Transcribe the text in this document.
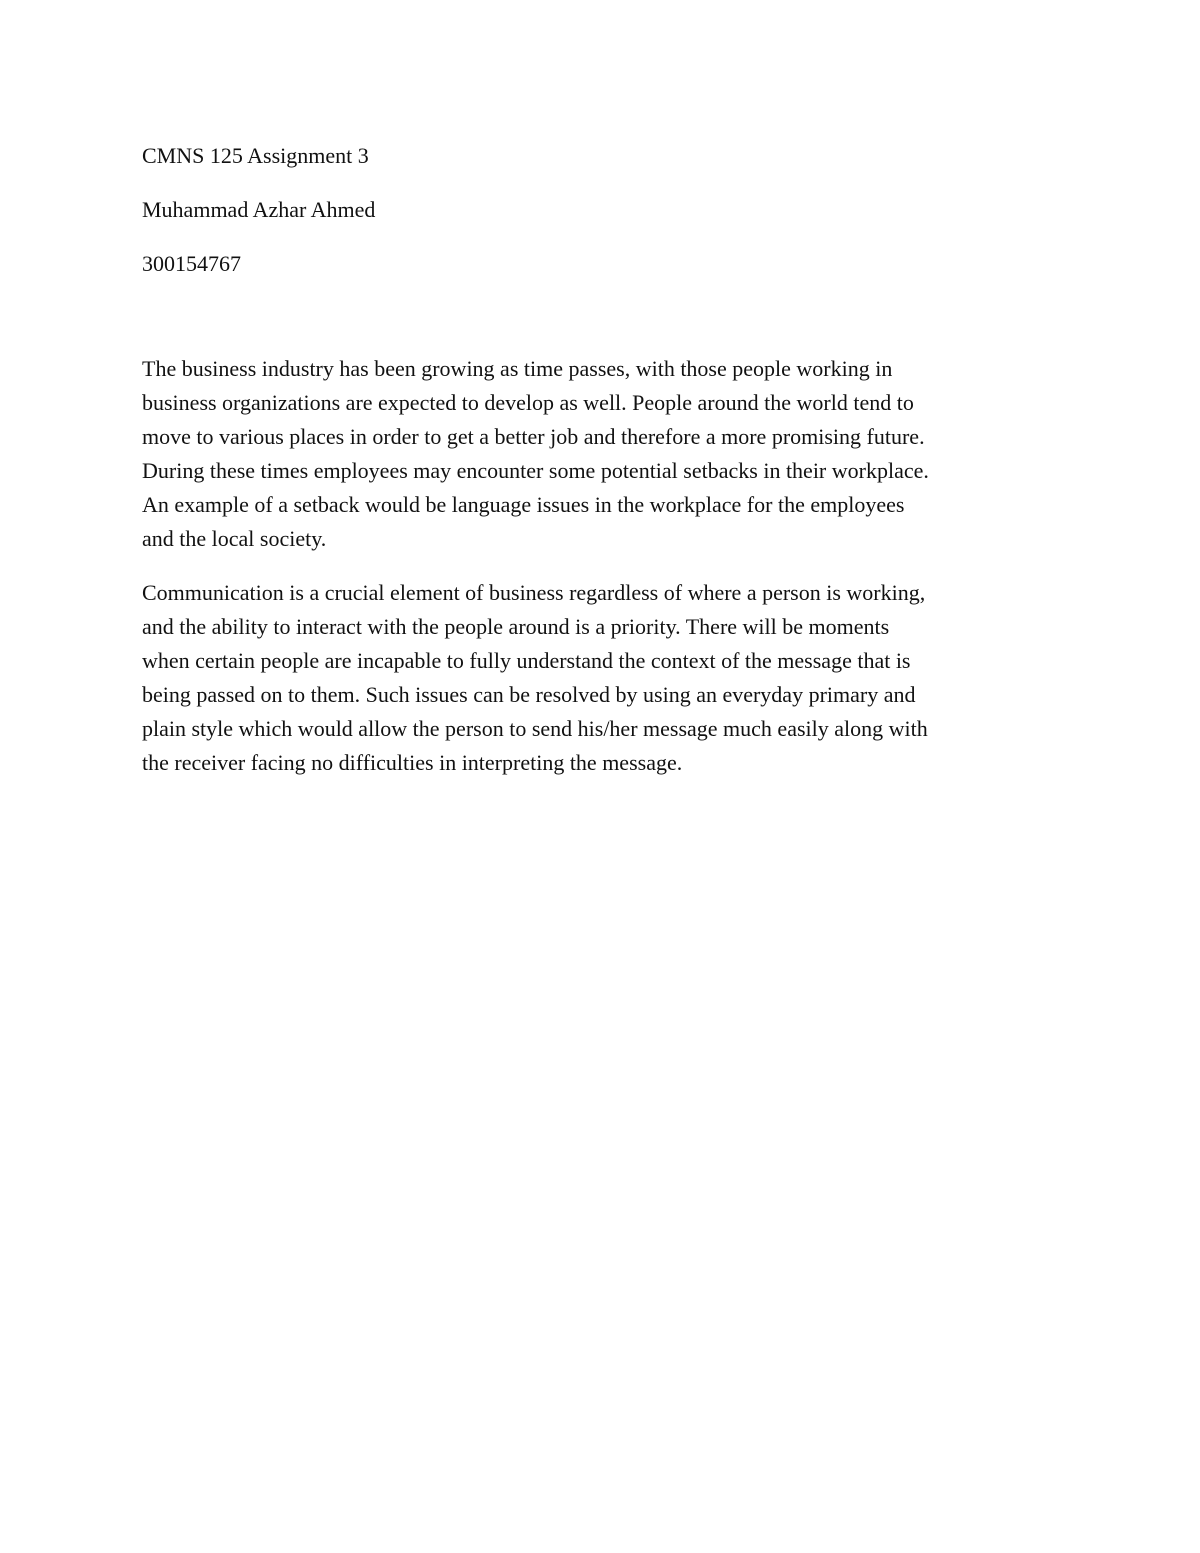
CMNS 125 Assignment 3
Muhammad Azhar Ahmed
300154767
The business industry has been growing as time passes, with those people working in
business organizations are expected to develop as well. People around the world tend to
move to various places in order to get a better job and therefore a more promising future.
During these times employees may encounter some potential setbacks in their workplace.
An example of a setback would be language issues in the workplace for the employees
and the local society.
Communication is a crucial element of business regardless of where a person is working,
and the ability to interact with the people around is a priority. There will be moments
when certain people are incapable to fully understand the context of the message that is
being passed on to them. Such issues can be resolved by using an everyday primary and
plain style which would allow the person to send his/her message much easily along with
the receiver facing no difficulties in interpreting the message.
